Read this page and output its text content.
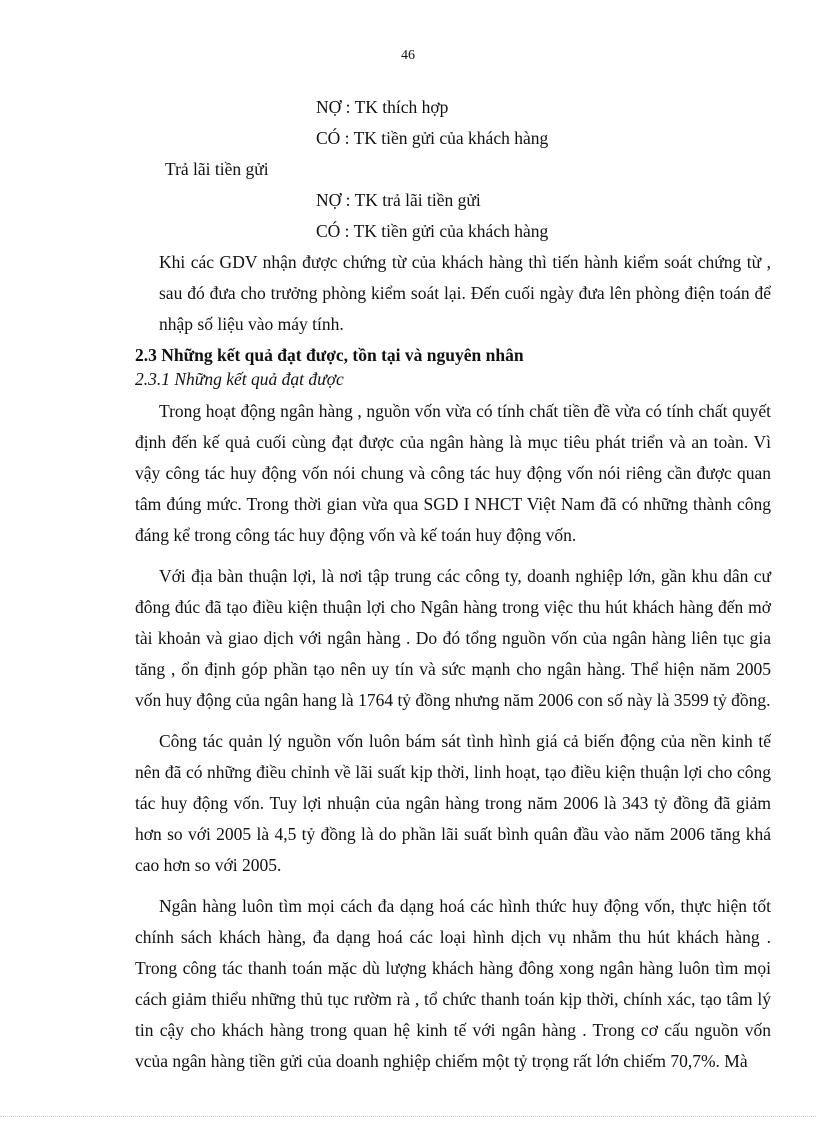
46
NỢ : TK thích hợp
CÓ : TK tiền gửi của khách hàng
Trả lãi tiền gửi
NỢ : TK trả lãi tiền gửi
CÓ : TK tiền gửi của khách hàng

Khi các GDV nhận được chứng từ của khách hàng thì tiến hành kiểm soát chứng từ , sau đó đưa cho trưởng phòng kiểm soát lại. Đến cuối ngày đưa lên phòng điện toán để nhập số liệu vào máy tính.

2.3 Những kết quả đạt được, tồn tại và nguyên nhân
2.3.1 Những kết quả đạt được

Trong hoạt động ngân hàng , nguồn vốn vừa có tính chất tiền đề vừa có tính chất quyết định đến kế quả cuối cùng đạt được của ngân hàng là mục tiêu phát triển và an toàn. Vì vậy công tác huy động vốn nói chung và công tác huy động vốn nói riêng cần được quan tâm đúng mức. Trong thời gian vừa qua SGD I NHCT Việt Nam đã có những thành công đáng kể trong công tác huy động vốn và kế toán huy động vốn.

Với địa bàn thuận lợi, là nơi tập trung các công ty, doanh nghiệp lớn, gần khu dân cư đông đúc đã tạo điều kiện thuận lợi cho Ngân hàng trong việc thu hút khách hàng đến mở tài khoản và giao dịch với ngân hàng . Do đó tổng nguồn vốn của ngân hàng liên tục gia tăng , ổn định góp phần tạo nên uy tín và sức mạnh cho ngân hàng. Thể hiện năm 2005 vốn huy động của ngân hang là 1764 tỷ đồng nhưng năm 2006 con số này là 3599 tỷ đồng.

Công tác quản lý nguồn vốn luôn bám sát tình hình giá cả biến động của nền kinh tế nên đã có những điều chỉnh về lãi suất kịp thời, linh hoạt, tạo điều kiện thuận lợi cho công tác huy động vốn. Tuy lợi nhuận của ngân hàng trong năm 2006 là 343 tỷ đồng đã giảm hơn so với 2005 là 4,5 tỷ đồng là do phần lãi suất bình quân đầu vào năm 2006 tăng khá cao hơn so với 2005.

Ngân hàng luôn tìm mọi cách đa dạng hoá các hình thức huy động vốn, thực hiện tốt chính sách khách hàng, đa dạng hoá các loại hình dịch vụ nhằm thu hút khách hàng . Trong công tác thanh toán mặc dù lượng khách hàng đông xong ngân hàng luôn tìm mọi cách giảm thiểu những thủ tục rườm rà , tổ chức thanh toán kịp thời, chính xác, tạo tâm lý tin cậy cho khách hàng trong quan hệ kinh tế với ngân hàng . Trong cơ cấu nguồn vốn vcủa ngân hàng tiền gửi của doanh nghiệp chiếm một tỷ trọng rất lớn chiếm 70,7%. Mà
